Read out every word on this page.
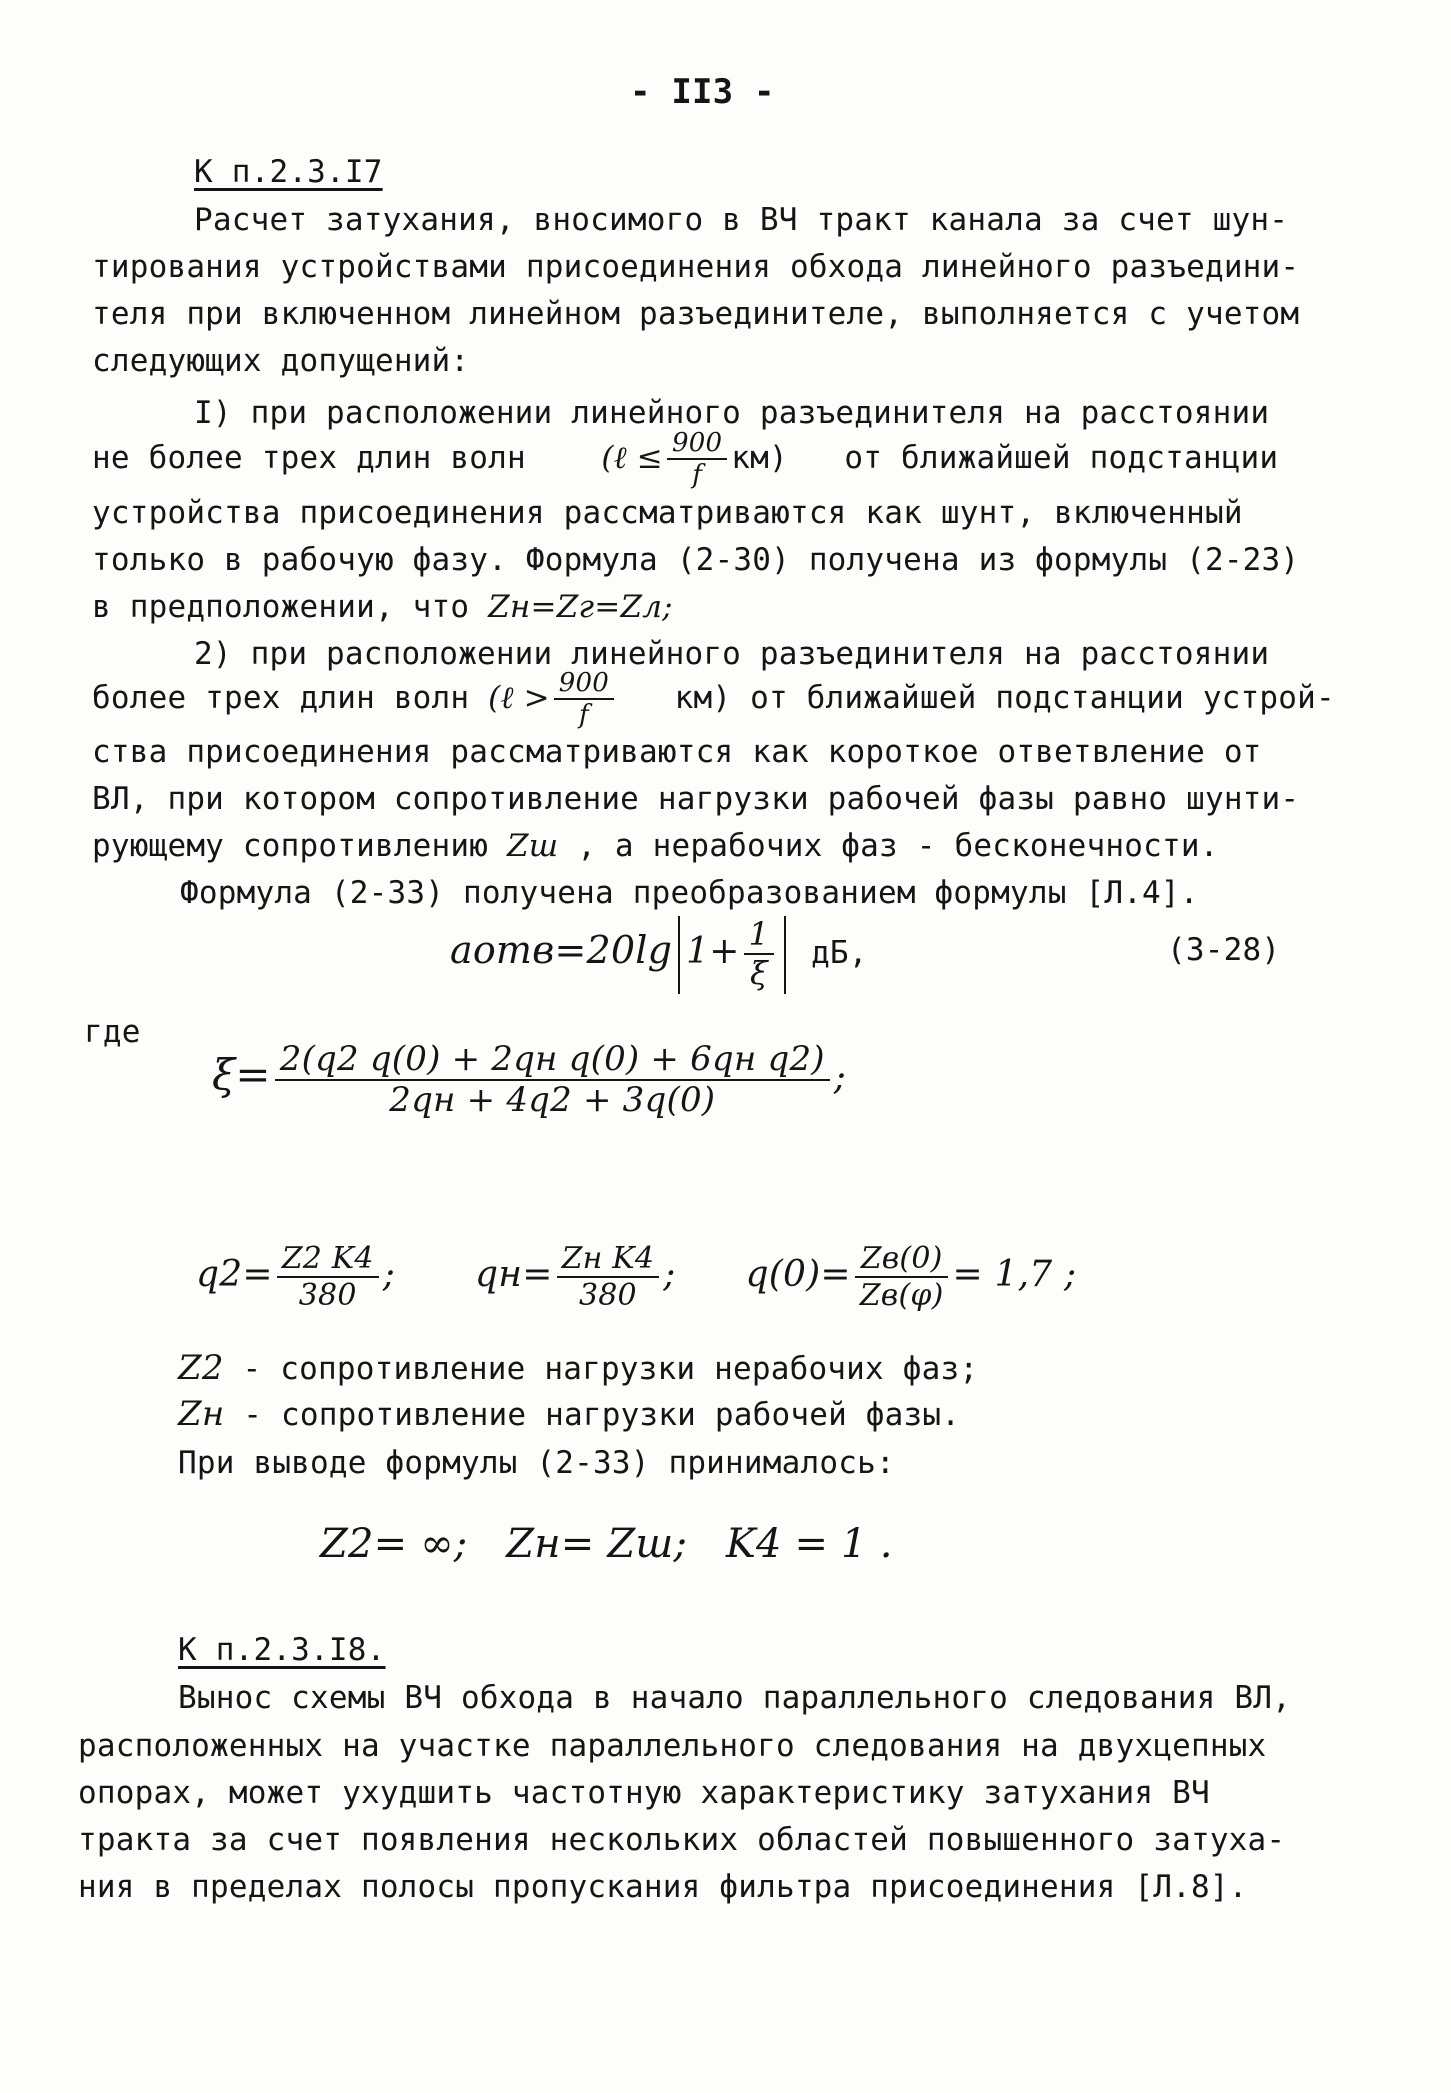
- ІІ3 -
К п.2.3.І7
Расчет затухания, вносимого в ВЧ тракт канала за счет шун-
тирования устройствами присоединения обхода линейного разъедини-
теля при включенном линейном разъединителе, выполняется с учетом
следующих допущений:
І) при расположении линейного разъединителя на расстоянии
не более трех длин волн (ℓ ≤ $\frac{900}{f} км$) от ближайшей подстанции
устройства присоединения рассматриваются как шунт, включенный
только в рабочую фазу. Формула (2-30) получена из формулы (2-23)
в предположении, что Zн=Zг=Zл;
2) при расположении линейного разъединителя на расстоянии
более трех длин волн (ℓ > $\frac{900}{f} км$) от ближайшей подстанции устрой-
ства присоединения рассматриваются как короткое ответвление от
ВЛ, при котором сопротивление нагрузки рабочей фазы равно шунти-
рующему сопротивлению Zш , а нерабочих фаз - бесконечности.
Формула (2-33) получена преобразованием формулы [Л.4].
aотв=20lg $1+ \frac{1}{\xi}$ дБ,	(3-28)
где
$\xi= \frac{\text{2(q2 q(0) + 2qн q(0) + 6qн q2)}}{2qн + 4q2 + 3q(0)}$ ;
$q2= \frac{Z2 K4}{380}$ ; $qн= \frac{\text{Zн K4}}{380}$ ; $q(0)= \frac{Zв(0)}{Zв(\varphi)} = 1,7$ ;
Z2 - сопротивление нагрузки нерабочих фаз;
Zн - сопротивление нагрузки рабочей фазы.
При выводе формулы (2-33) принималось:
Z2= ∞;   Zн= Zш;   K4 = 1 .
К п.2.3.І8.
Вынос схемы ВЧ обхода в начало параллельного следования ВЛ,
расположенных на участке параллельного следования на двухцепных
опорах, может ухудшить частотную характеристику затухания ВЧ
тракта за счет появления нескольких областей повышенного затуха-
ния в пределах полосы пропускания фильтра присоединения [Л.8].
